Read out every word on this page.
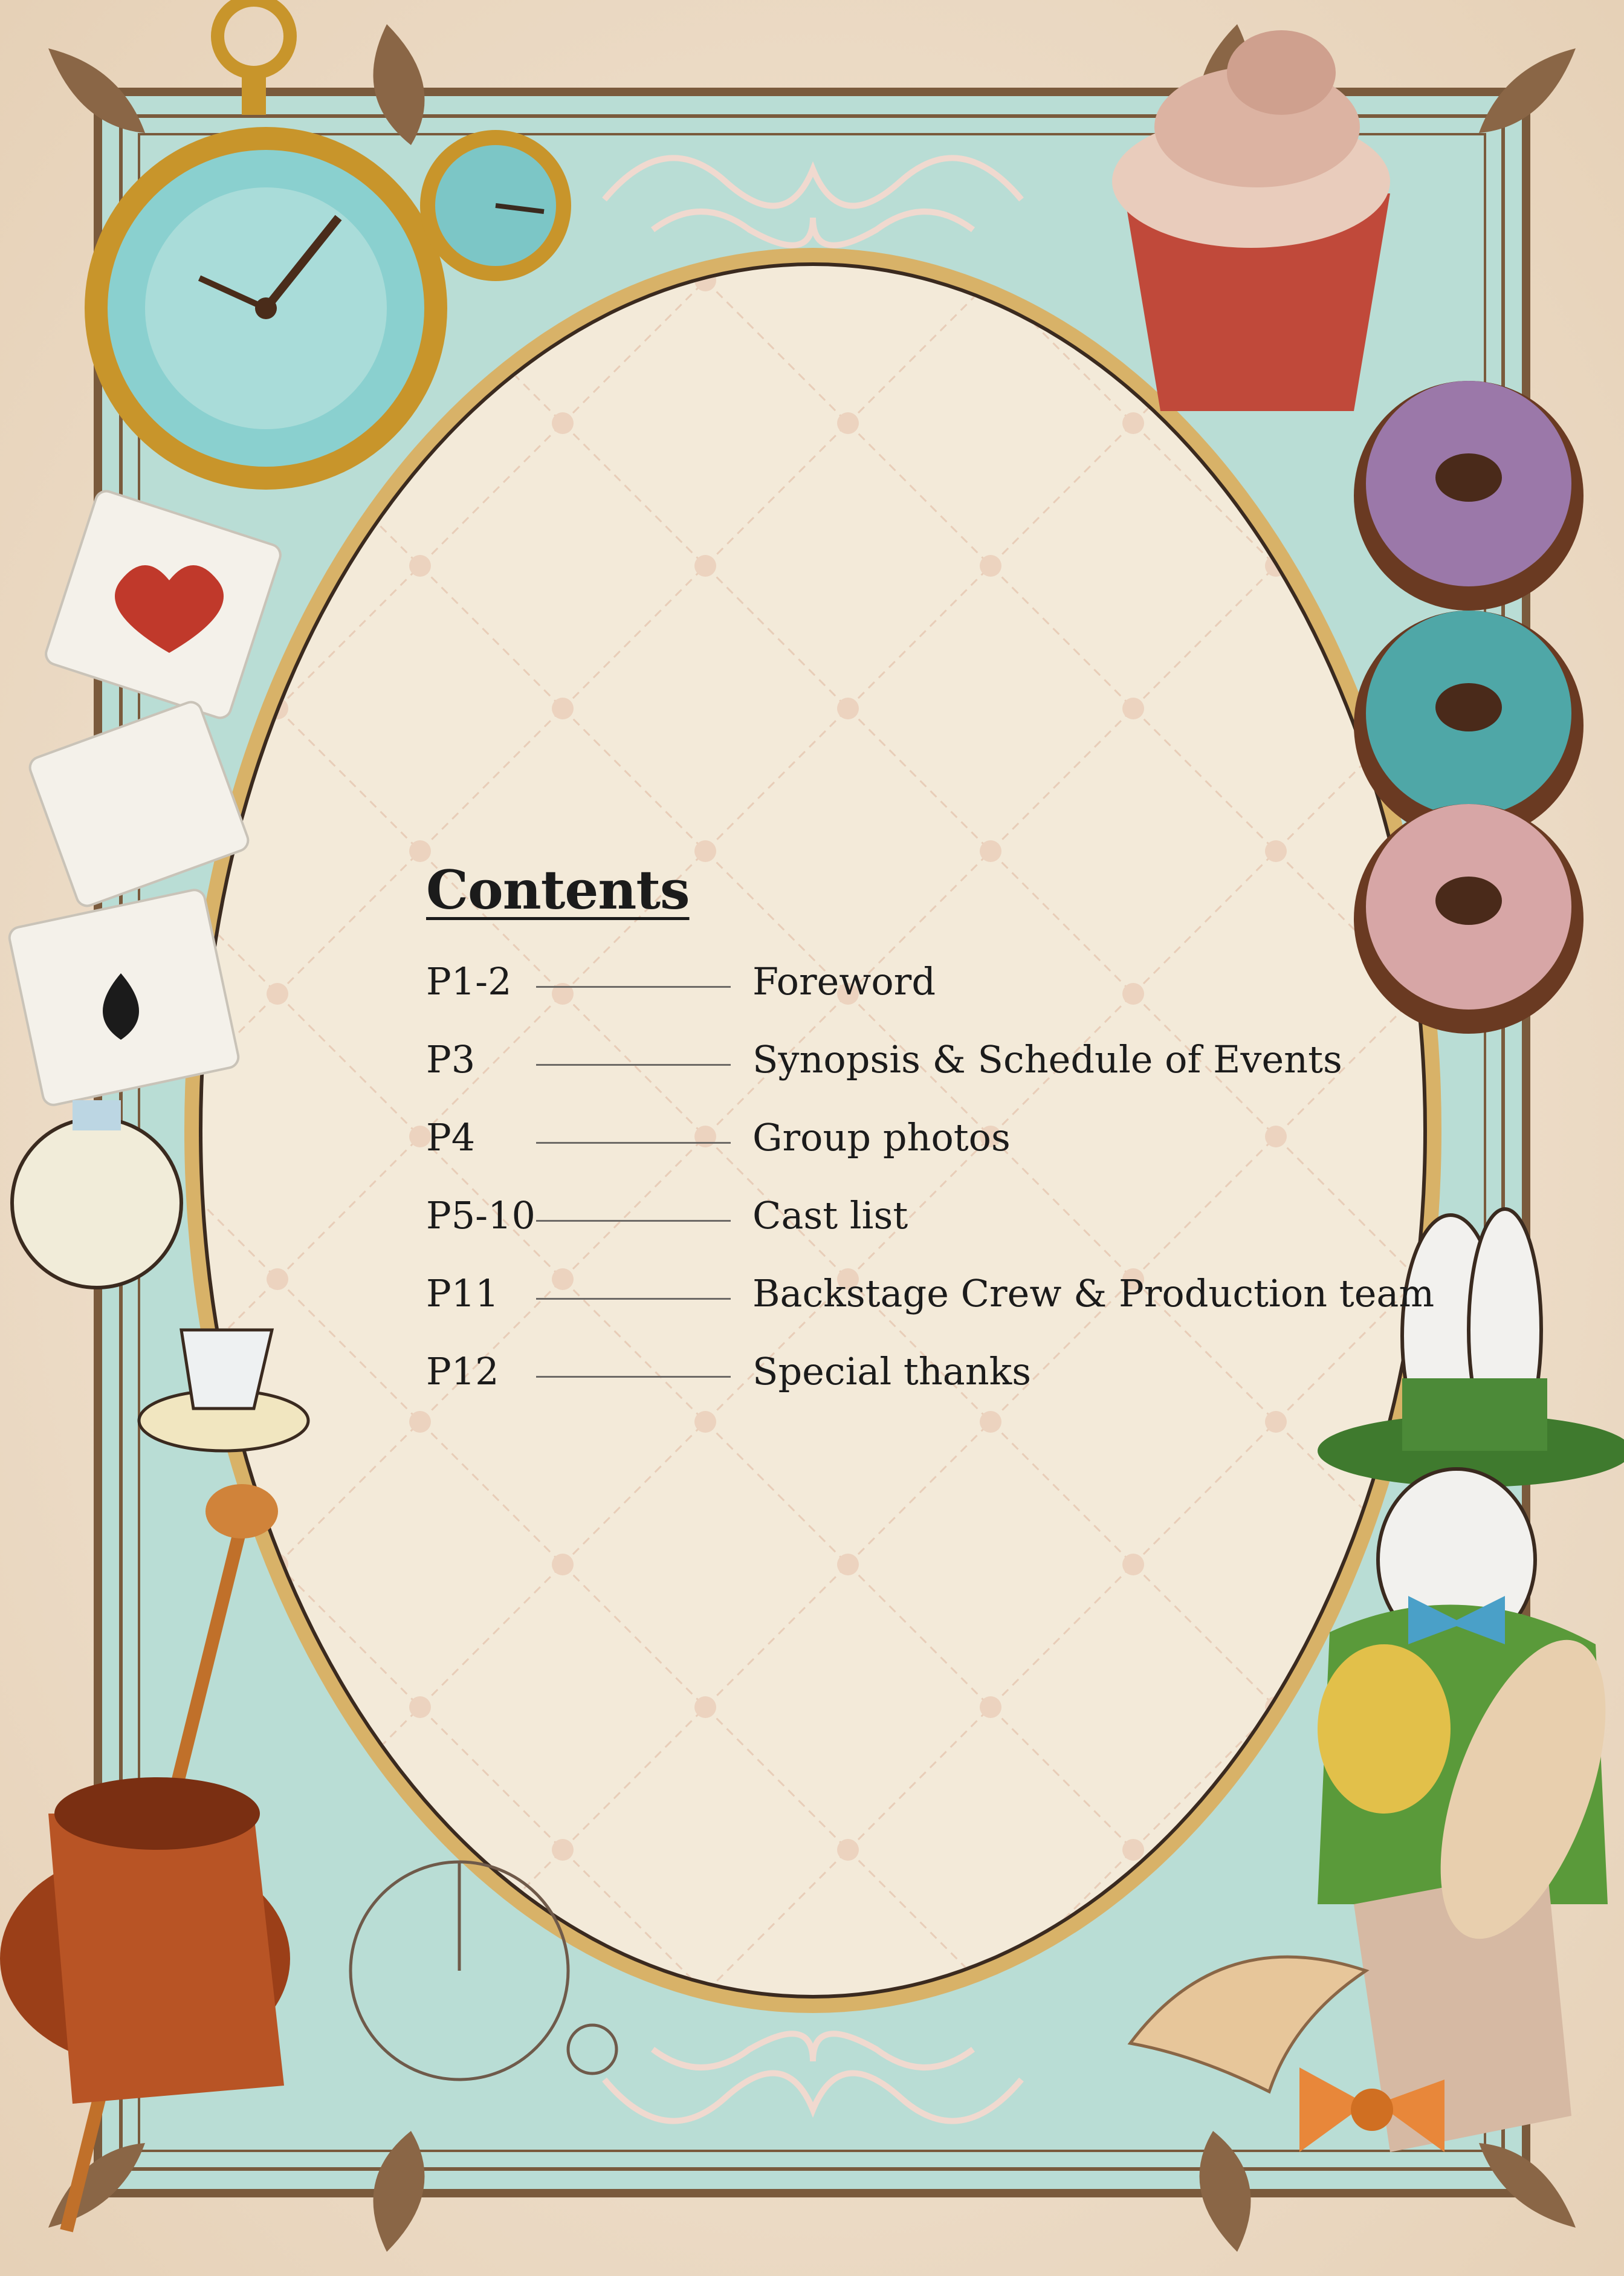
Contents
P1-2	Foreword
P3	Synopsis & Schedule of Events
P4	Group photos
P5-10	Cast list
P11	Backstage Crew & Production team
P12	Special thanks
